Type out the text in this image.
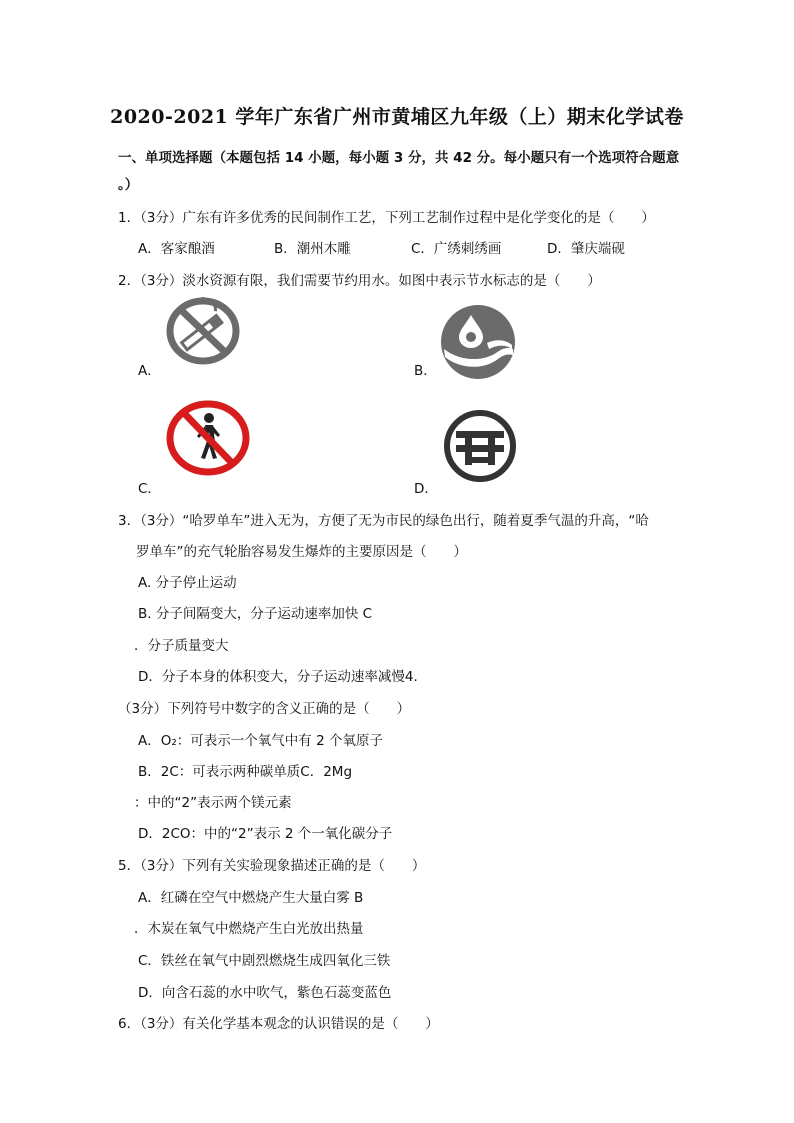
2020-2021 学年广东省广州市黄埔区九年级（上）期末化学试卷
一、单项选择题（本题包括 14 小题，每小题 3 分，共 42 分。每小题只有一个选项符合题意
。）
1．（3分）广东有许多优秀的民间制作工艺，下列工艺制作过程中是化学变化的是（　　）
A．客家酿酒	B．潮州木雕	C．广绣刺绣画	D．肇庆端砚
2．（3分）淡水资源有限，我们需要节约用水。如图中表示节水标志的是（　　）
A．	B．
C．	D．
3．（3分）“哈罗单车”进入无为，方便了无为市民的绿色出行，随着夏季气温的升高，“哈
罗单车”的充气轮胎容易发生爆炸的主要原因是（　　）
A. 分子停止运动
B. 分子间隔变大，分子运动速率加快 C
．分子质量变大
D．分子本身的体积变大，分子运动速率减慢4．
（3分）下列符号中数字的含义正确的是（　　）
A．O₂：可表示一个氧气中有 2 个氧原子
B．2C：可表示两种碳单质C．2Mg
：中的“2”表示两个镁元素
D．2CO：中的“2”表示 2 个一氧化碳分子
5．（3分）下列有关实验现象描述正确的是（　　）
A．红磷在空气中燃烧产生大量白雾 B
．木炭在氧气中燃烧产生白光放出热量
C．铁丝在氧气中剧烈燃烧生成四氧化三铁
D．向含石蕊的水中吹气，紫色石蕊变蓝色
6．（3分）有关化学基本观念的认识错误的是（　　）
